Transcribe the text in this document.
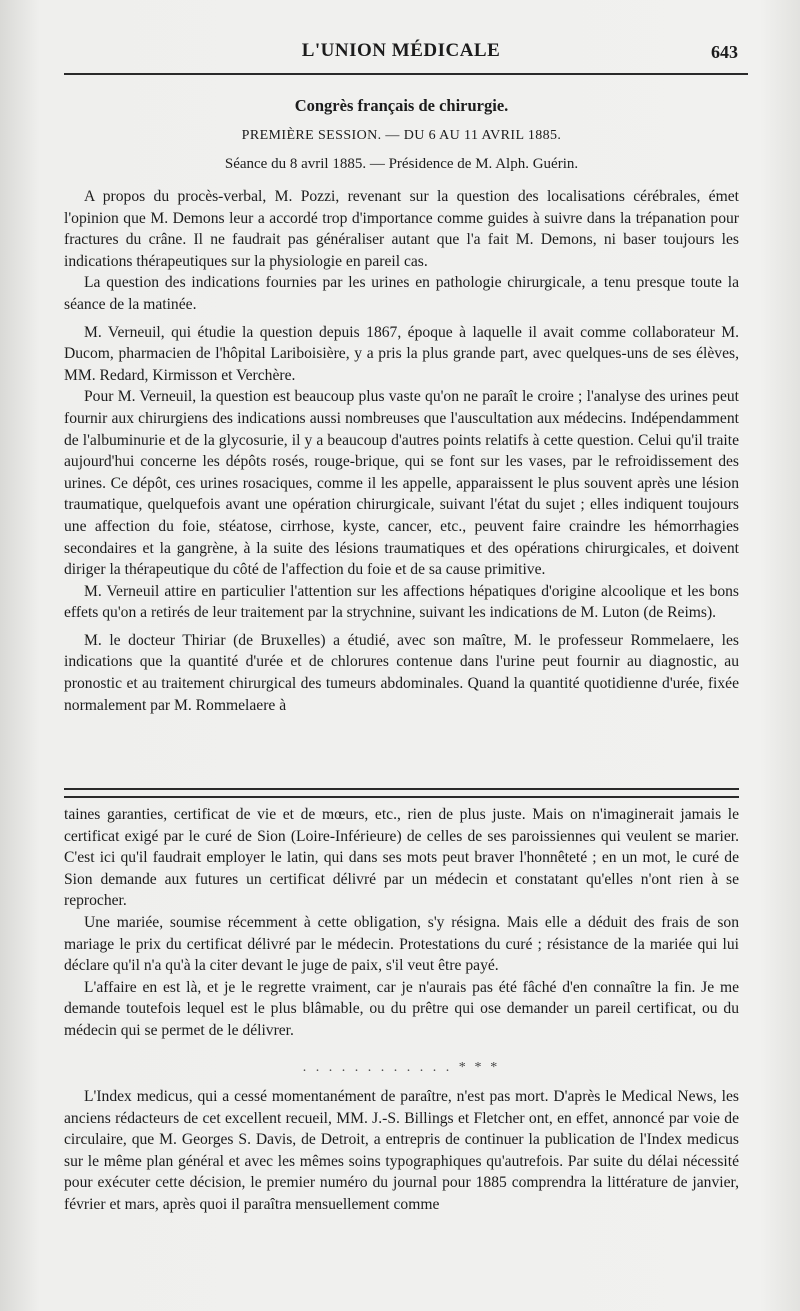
L'UNION MÉDICALE	643
Congrès français de chirurgie.
PREMIÈRE SESSION. — DU 6 AU 11 AVRIL 1885.
Séance du 8 avril 1885. — Présidence de M. Alph. Guérin.

A propos du procès-verbal, M. Pozzi, revenant sur la question des localisations cérébrales, émet l'opinion que M. Demons leur a accordé trop d'importance comme guides à suivre dans la trépanation pour fractures du crâne. Il ne faudrait pas généraliser autant que l'a fait M. Demons, ni baser toujours les indications thérapeutiques sur la physiologie en pareil cas.

La question des indications fournies par les urines en pathologie chirurgicale, a tenu presque toute la séance de la matinée.

M. Verneuil, qui étudie la question depuis 1867, époque à laquelle il avait comme collaborateur M. Ducom, pharmacien de l'hôpital Lariboisière, y a pris la plus grande part, avec quelques-uns de ses élèves, MM. Redard, Kirmisson et Verchère.

Pour M. Verneuil, la question est beaucoup plus vaste qu'on ne paraît le croire ; l'analyse des urines peut fournir aux chirurgiens des indications aussi nombreuses que l'auscultation aux médecins. Indépendamment de l'albuminurie et de la glycosurie, il y a beaucoup d'autres points relatifs à cette question. Celui qu'il traite aujourd'hui concerne les dépôts rosés, rouge-brique, qui se font sur les vases, par le refroidissement des urines. Ce dépôt, ces urines rosaciques, comme il les appelle, apparaissent le plus souvent après une lésion traumatique, quelquefois avant une opération chirurgicale, suivant l'état du sujet ; elles indiquent toujours une affection du foie, stéatose, cirrhose, kyste, cancer, etc., peuvent faire craindre les hémorrhagies secondaires et la gangrène, à la suite des lésions traumatiques et des opérations chirurgicales, et doivent diriger la thérapeutique du côté de l'affection du foie et de sa cause primitive.

M. Verneuil attire en particulier l'attention sur les affections hépatiques d'origine alcoolique et les bons effets qu'on a retirés de leur traitement par la strychnine, suivant les indications de M. Luton (de Reims).

M. le docteur Thiriar (de Bruxelles) a étudié, avec son maître, M. le professeur Rommelaere, les indications que la quantité d'urée et de chlorures contenue dans l'urine peut fournir au diagnostic, au pronostic et au traitement chirurgical des tumeurs abdominales. Quand la quantité quotidienne d'urée, fixée normalement par M. Rommelaere à

taines garanties, certificat de vie et de mœurs, etc., rien de plus juste. Mais on n'imaginerait jamais le certificat exigé par le curé de Sion (Loire-Inférieure) de celles de ses paroissiennes qui veulent se marier. C'est ici qu'il faudrait employer le latin, qui dans ses mots peut braver l'honnêteté ; en un mot, le curé de Sion demande aux futures un certificat délivré par un médecin et constatant qu'elles n'ont rien à se reprocher.

Une mariée, soumise récemment à cette obligation, s'y résigna. Mais elle a déduit des frais de son mariage le prix du certificat délivré par le médecin. Protestations du curé ; résistance de la mariée qui lui déclare qu'il n'a qu'à la citer devant le juge de paix, s'il veut être payé.

L'affaire en est là, et je le regrette vraiment, car je n'aurais pas été fâché d'en connaître la fin. Je me demande toutefois lequel est le plus blâmable, ou du prêtre qui ose demander un pareil certificat, ou du médecin qui se permet de le délivrer.

. . . . . . . . . . . . * * *

L'Index medicus, qui a cessé momentanément de paraître, n'est pas mort. D'après le Medical News, les anciens rédacteurs de cet excellent recueil, MM. J.-S. Billings et Fletcher ont, en effet, annoncé par voie de circulaire, que M. Georges S. Davis, de Detroit, a entrepris de continuer la publication de l'Index medicus sur le même plan général et avec les mêmes soins typographiques qu'autrefois. Par suite du délai nécessité pour exécuter cette décision, le premier numéro du journal pour 1885 comprendra la littérature de janvier, février et mars, après quoi il paraîtra mensuellement comme
